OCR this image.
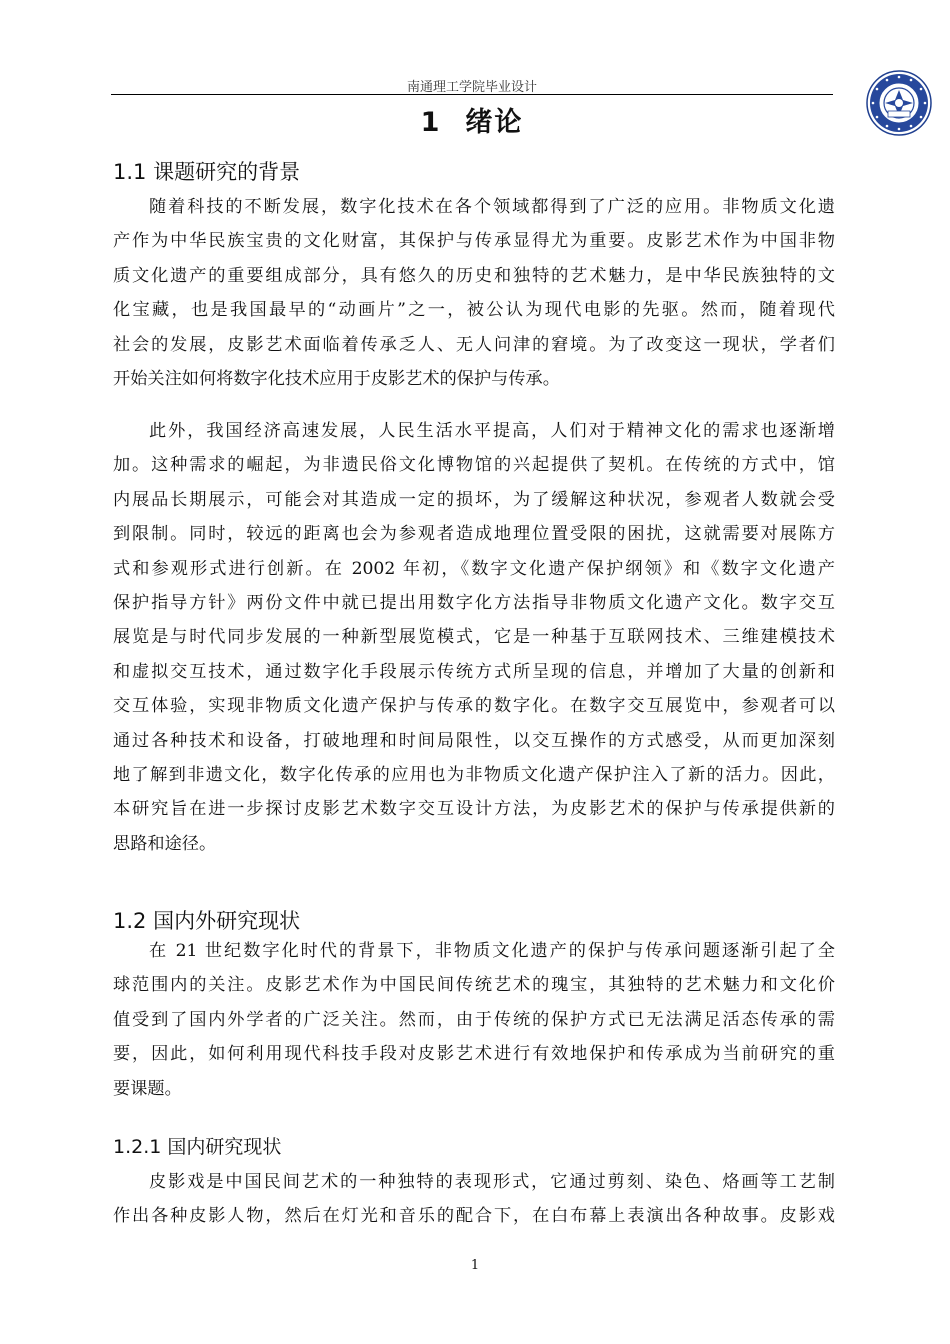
南通理工学院毕业设计
1 绪论
1.1 课题研究的背景
随着科技的不断发展，数字化技术在各个领域都得到了广泛的应用。非物质文化遗
产作为中华民族宝贵的文化财富，其保护与传承显得尤为重要。皮影艺术作为中国非物
质文化遗产的重要组成部分，具有悠久的历史和独特的艺术魅力，是中华民族独特的文
化宝藏，也是我国最早的“动画片”之一，被公认为现代电影的先驱。然而，随着现代
社会的发展，皮影艺术面临着传承乏人、无人问津的窘境。为了改变这一现状，学者们
开始关注如何将数字化技术应用于皮影艺术的保护与传承。
此外，我国经济高速发展，人民生活水平提高，人们对于精神文化的需求也逐渐增
加。这种需求的崛起，为非遗民俗文化博物馆的兴起提供了契机。在传统的方式中，馆
内展品长期展示，可能会对其造成一定的损坏，为了缓解这种状况，参观者人数就会受
到限制。同时，较远的距离也会为参观者造成地理位置受限的困扰，这就需要对展陈方
式和参观形式进行创新。在 2002 年初，《数字文化遗产保护纲领》和《数字文化遗产
保护指导方针》两份文件中就已提出用数字化方法指导非物质文化遗产文化。数字交互
展览是与时代同步发展的一种新型展览模式，它是一种基于互联网技术、三维建模技术
和虚拟交互技术，通过数字化手段展示传统方式所呈现的信息，并增加了大量的创新和
交互体验，实现非物质文化遗产保护与传承的数字化。在数字交互展览中，参观者可以
通过各种技术和设备，打破地理和时间局限性，以交互操作的方式感受，从而更加深刻
地了解到非遗文化，数字化传承的应用也为非物质文化遗产保护注入了新的活力。因此，
本研究旨在进一步探讨皮影艺术数字交互设计方法，为皮影艺术的保护与传承提供新的
思路和途径。
1.2 国内外研究现状
在 21 世纪数字化时代的背景下，非物质文化遗产的保护与传承问题逐渐引起了全
球范围内的关注。皮影艺术作为中国民间传统艺术的瑰宝，其独特的艺术魅力和文化价
值受到了国内外学者的广泛关注。然而，由于传统的保护方式已无法满足活态传承的需
要，因此，如何利用现代科技手段对皮影艺术进行有效地保护和传承成为当前研究的重
要课题。
1.2.1 国内研究现状
皮影戏是中国民间艺术的一种独特的表现形式，它通过剪刻、染色、烙画等工艺制
作出各种皮影人物，然后在灯光和音乐的配合下，在白布幕上表演出各种故事。皮影戏
1
